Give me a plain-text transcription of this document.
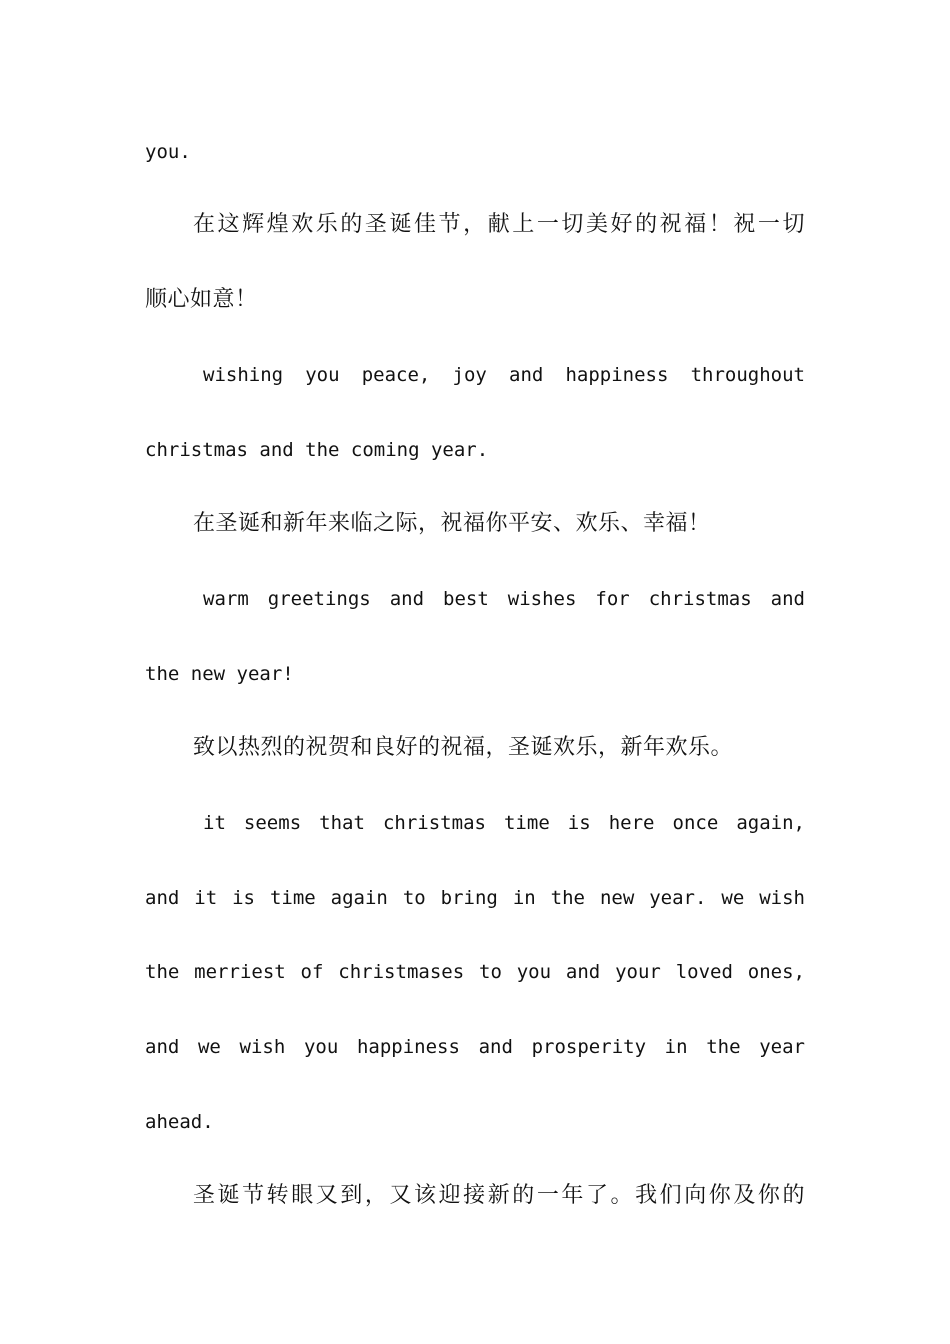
you.
在这辉煌欢乐的圣诞佳节，献上一切美好的祝福！祝一切
顺心如意！
wishing you peace, joy and happiness throughout
christmas and the coming year.
在圣诞和新年来临之际，祝福你平安、欢乐、幸福！
warm greetings and best wishes for christmas and
the new year!
致以热烈的祝贺和良好的祝福，圣诞欢乐，新年欢乐。
it seems that christmas time is here once again,
and it is time again to bring in the new year. we wish
the merriest of christmases to you and your loved ones,
and we wish you happiness and prosperity in the year
ahead.
圣诞节转眼又到，又该迎接新的一年了。我们向你及你的
